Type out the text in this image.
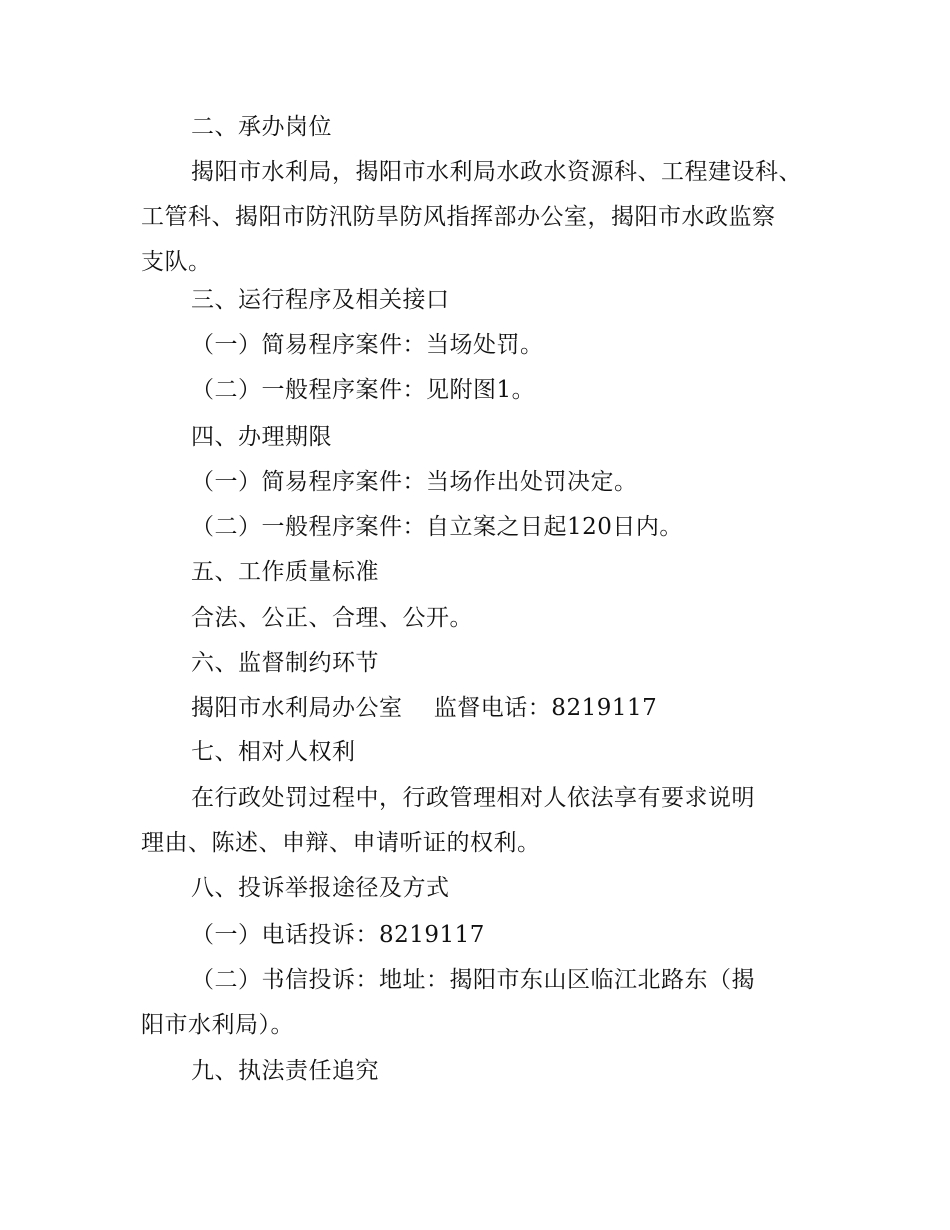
二、承办岗位
揭阳市水利局，揭阳市水利局水政水资源科、工程建设科、
工管科、揭阳市防汛防旱防风指挥部办公室，揭阳市水政监察
支队。
三、运行程序及相关接口
（一）简易程序案件：当场处罚。
（二）一般程序案件：见附图1。
四、办理期限
（一）简易程序案件：当场作出处罚决定。
（二）一般程序案件：自立案之日起120日内。
五、工作质量标准
合法、公正、合理、公开。
六、监督制约环节
揭阳市水利局办公室　 监督电话：8219117
七、相对人权利
在行政处罚过程中，行政管理相对人依法享有要求说明
理由、陈述、申辩、申请听证的权利。
八、投诉举报途径及方式
（一）电话投诉：8219117
（二）书信投诉：地址：揭阳市东山区临江北路东（揭
阳市水利局）。
九、执法责任追究
